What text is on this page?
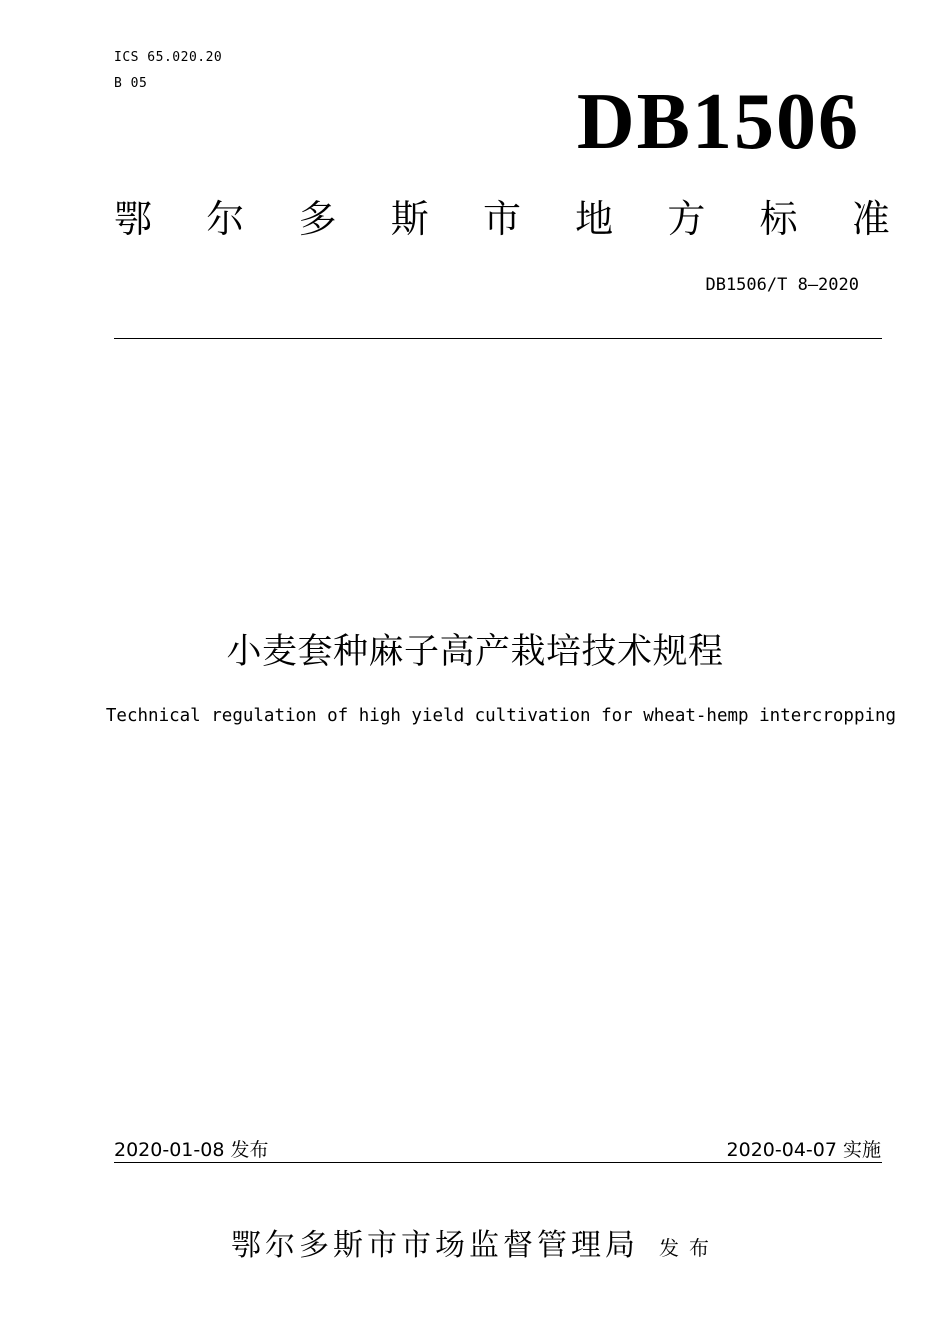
ICS 65.020.20
B 05	DB1506
鄂 尔 多 斯 市 地 方 标 准
DB1506/T 8—2020
小麦套种麻子高产栽培技术规程
Technical regulation of high yield cultivation for wheat-hemp intercropping
2020-01-08 发布	2020-04-07 实施
鄂尔多斯市市场监督管理局 发布
